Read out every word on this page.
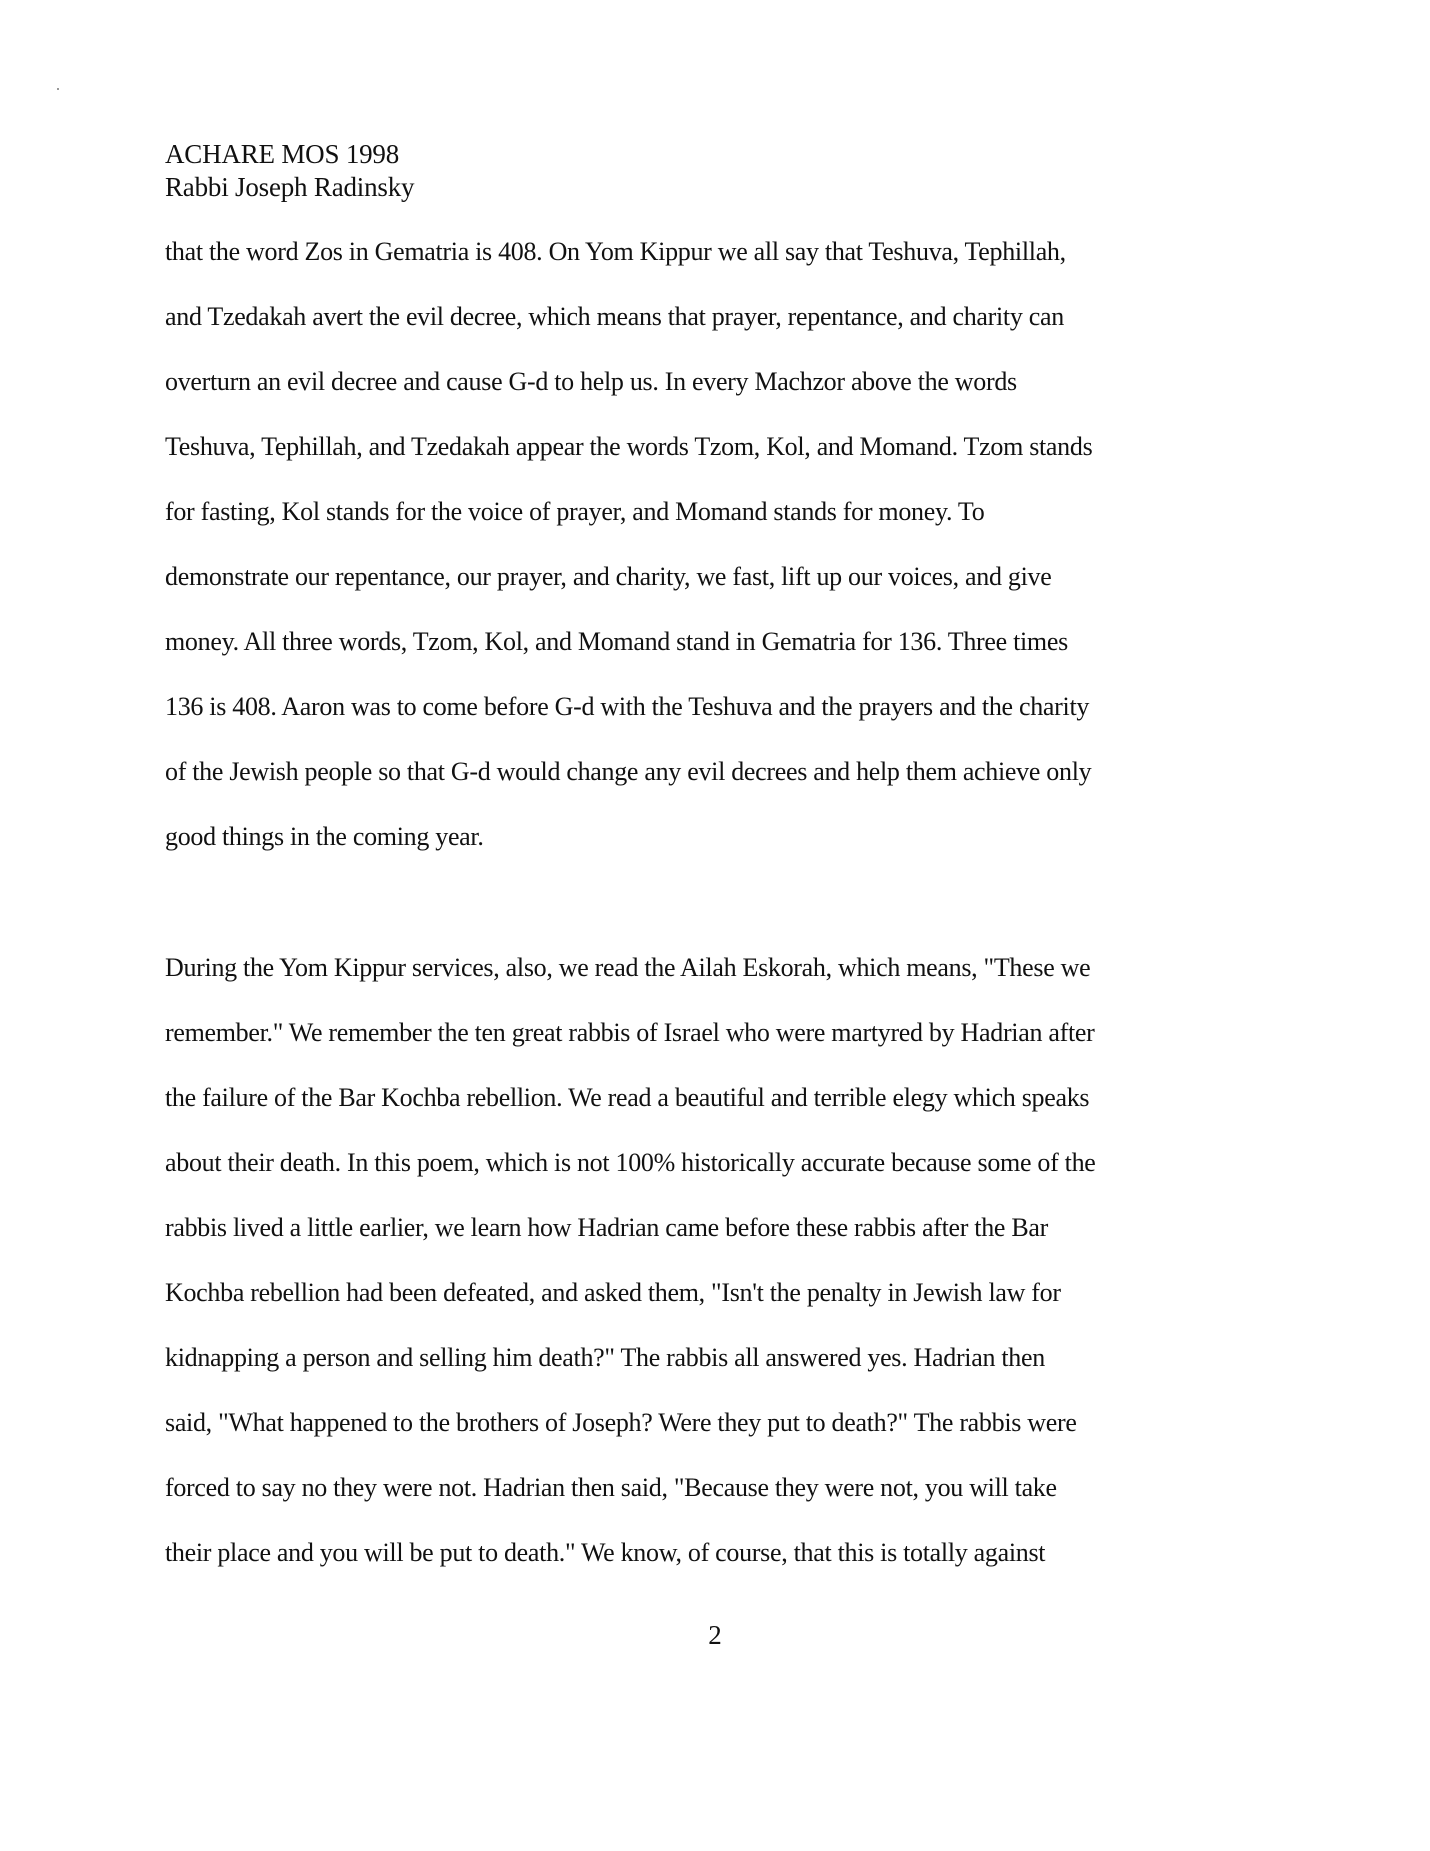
ACHARE MOS 1998
Rabbi Joseph Radinsky
that the word Zos in Gematria is 408. On Yom Kippur we all say that Teshuva, Tephillah,
and Tzedakah avert the evil decree, which means that prayer, repentance, and charity can
overturn an evil decree and cause G-d to help us. In every Machzor above the words
Teshuva, Tephillah, and Tzedakah appear the words Tzom, Kol, and Momand. Tzom stands
for fasting, Kol stands for the voice of prayer, and Momand stands for money. To
demonstrate our repentance, our prayer, and charity, we fast, lift up our voices, and give
money. All three words, Tzom, Kol, and Momand stand in Gematria for 136. Three times
136 is 408. Aaron was to come before G-d with the Teshuva and the prayers and the charity
of the Jewish people so that G-d would change any evil decrees and help them achieve only
good things in the coming year.
During the Yom Kippur services, also, we read the Ailah Eskorah, which means, "These we
remember." We remember the ten great rabbis of Israel who were martyred by Hadrian after
the failure of the Bar Kochba rebellion. We read a beautiful and terrible elegy which speaks
about their death. In this poem, which is not 100% historically accurate because some of the
rabbis lived a little earlier, we learn how Hadrian came before these rabbis after the Bar
Kochba rebellion had been defeated, and asked them, "Isn't the penalty in Jewish law for
kidnapping a person and selling him death?" The rabbis all answered yes. Hadrian then
said, "What happened to the brothers of Joseph? Were they put to death?" The rabbis were
forced to say no they were not. Hadrian then said, "Because they were not, you will take
their place and you will be put to death." We know, of course, that this is totally against
2
